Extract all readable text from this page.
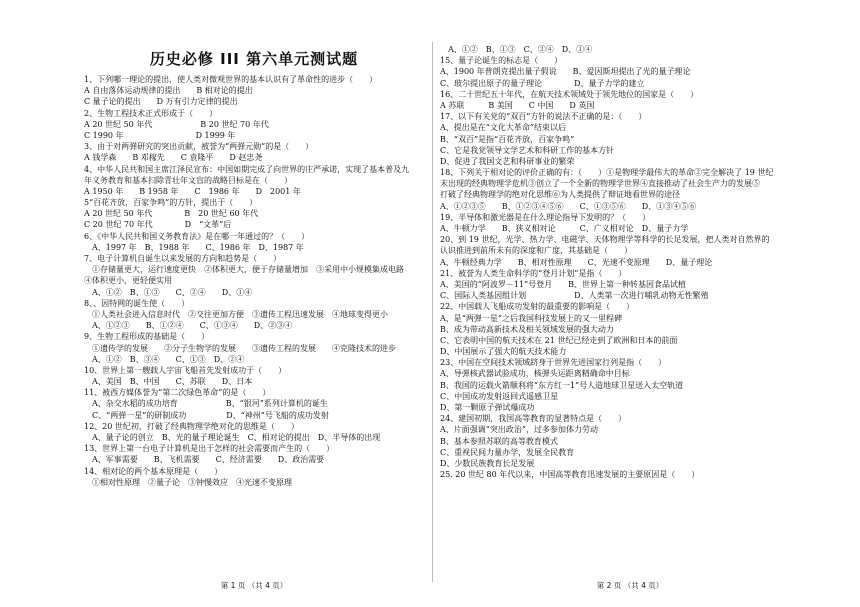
历史必修 III 第六单元测试题
1、下列哪一理论的提出，使人类对微观世界的基本认识有了革命性的进步（　　）
A 自由落体运动规律的提出　　B 相对论的提出
C 量子论的提出　　D 万有引力定律的提出
2、生物工程技术正式形成于（　　）
A 20 世纪 50 年代　　　　　　B 20 世纪 70 年代
C 1990 年　　　　　　　　　D 1999 年
3、由于对两弹研究的突出贡献，被誉为“两弹元勋”的是（　　）
A 钱学森　　B 邓稼先　　C 袁隆平　　D 赵忠尧
4、中华人民共和国主席江泽民宣布：中国如期完成了向世界的庄严承诺，实现了基本普及九
年义务教育和基本扫除青壮年文盲的战略目标是在（　　）
A 1950 年　　B 1958 年　　C　1986 年　　D　2001 年
5“百花齐放，百家争鸣”的方针，提出于（　　）
A 20 世纪 50 年代　　　　B　20 世纪 60 年代
C 20 世纪 70 年代　　　　D　“文革”后
6、《中华人民共和国义务教育法》是在哪一年通过的？（　　）
　A、1997 年　B、1988 年　　C、1986 年　D、1987 年
7、电子计算机自诞生以来发展的方向和趋势是（　　）
　①存储量更大，运行速度更快　②体积更大，便于存储量增加　③采用中小规模集成电路
④体积更小，更轻便实用
　A、①②　B、①③　　C、②④　　D、①④
8、、因特网的诞生使（　　）
　①人类社会进入信息时代　②交往更加方便　③遗传工程迅速发展　④地球变得更小
　A、①②③　　B、①②④　　C、①③④　　D、②③④
9、生物工程形成的基础是（　　）
　①遗传学的发展　　②分子生物学的发展　　③遗传工程的发展　　④克隆技术的进步
　A、①②　B、③④　　C、①③　D、②④
10、世界上第一艘载人宇宙飞船首先发射成功于（　　）
　A、美国　B、中国　　C、苏联　　D、日本
11、被西方媒体誉为“第二次绿色革命”的是（　　）
　A、杂交水稻的成功培育　　　　　　B、“银河”系列计算机的诞生
　C、“两弹一星”的研制成功　　　　　D、“神州”号飞船的成功发射
12、20 世纪初，打破了经典物理学绝对化的思维是（　　）
　A、量子论的创立　B、光的量子理论诞生　C、相对论的提出　D、半导体的出现
13、世界上第一台电子计算机是出于怎样的社会需要而产生的（　　）
　A、军事需要　　B、飞机需要　　C、经济需要　　D、政治需要
14、相对论的两个基本原理是（　　）
　①相对性原理　②量子论　③钟慢效应　④光速不变原理
第 1 页 （共 4 页）
　A、①②　B、①③　C、②④　D、①④
15、量子论诞生的标志是（　　）
A、1900 年普朗克提出量子假说　　B、爱因斯坦提出了光的量子理论
C、玻尔提出原子的量子理论　　　　D、量子力学的建立
16、二十世纪五十年代，在航天技术领域处于领先地位的国家是（　　）
A 苏联　　　B 美国　　C 中国　　D 英国
17、以下有关党的“双百”方针的说法不正确的是：（　　）
A、提出是在“文化大革命”结束以后
B、“双百”是指“百花齐放，百家争鸣”
C、它是我党领导文学艺术和科研工作的基本方针
D、促进了我国文艺和科研事业的繁荣
18、下列关于相对论的评价正确的有：（　　）①是物理学最伟大的革命②完全解决了 19 世纪
末出现的经典物理学危机③创立了一个全新的物理学世界④直接推动了社会生产力的发展⑤
打破了经典物理学的绝对化思维⑥为人类提供了辩证地看世界的途径
A、①②③⑤　　B、①②③④⑤⑥　　C、①③⑤⑥　　D、①③④⑤⑥
19、半导体和激光器是在什么理论指导下发明的？（　　）
A、牛顿力学　　B、狭义相对论　　　C、广义相对论　D、量子力学
20、到 19 世纪，光学、热力学、电磁学、天体物理学等科学的长足发展，把人类对自然界的
认识推进到前所未有的深度和广度，其基础是（　　）
A、牛顿经典力学　　B、相对性原理　　C、光速不变原理　　D、量子理论
21、被誉为人类生命科学的“登月计划”是指（　　）
A、美国的“阿波罗－11”号登月　　B、世界上第一种转基因食品试植
C、国际人类基因组计划　　　　　　D、人类第一次进行哺乳动物无性繁殖
22、中国载人飞船成功发射的最重要的影响是（　　）
A、是“两弹一星”之后我国科技发展上的又一里程碑
B、成为带动高新技术及相关领域发展的强大动力
C、它表明中国的航天技术在 21 世纪已经走到了欧洲和日本的前面
D、中国展示了强大的航天技术能力
23、中国在空间技术领域跻身于世界先进国家行列是指（　　）
A、导弹核武器试验成功，核弹头运距离精确命中目标
B、我国的运载火箭顺利将“东方红一1”号人造地球卫星送入太空轨道
C、中国成功发射返回式遥感卫星
D、第一颗原子弹试爆成功
24、建国初期，我国高等教育的显著特点是（　　）
A、片面强调“突出政治”，过多参加体力劳动
B、基本参照苏联的高等教育模式
C、重视民间力量办学，发展全民教育
D、少数民族教育长足发展
25. 20 世纪 80 年代以来，中国高等教育迅速发展的主要原因是（　　）
第 2 页 （共 4 页）
